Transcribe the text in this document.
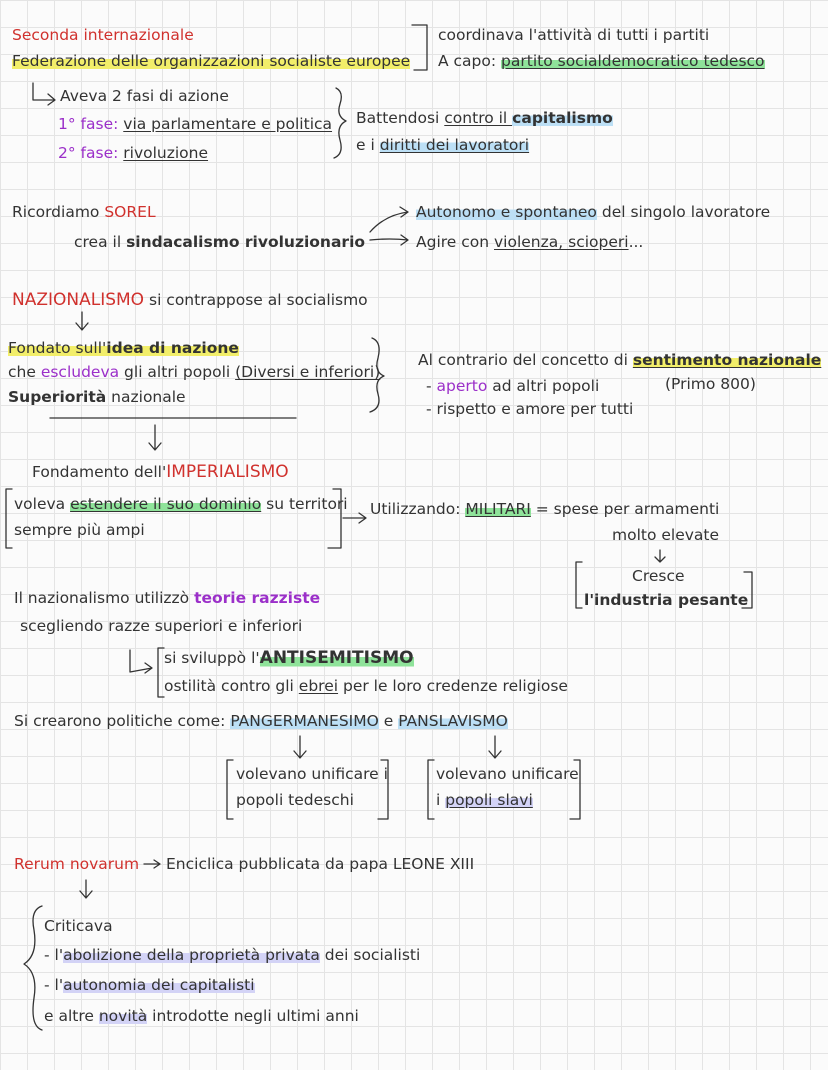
Seconda internazionale
Federazione delle organizzazioni socialiste europee
coordinava l'attività di tutti i partiti
A capo: partito socialdemocratico tedesco
Aveva 2 fasi di azione
1° fase: via parlamentare e politica
2° fase: rivoluzione
Battendosi contro il capitalismo
e i diritti dei lavoratori
Ricordiamo SOREL
crea il sindacalismo rivoluzionario
Autonomo e spontaneo del singolo lavoratore
Agire con violenza, scioperi...
NAZIONALISMO si contrappose al socialismo
Fondato sull'idea di nazione
che escludeva gli altri popoli (Diversi e inferiori)
Superiorità nazionale
Al contrario del concetto di sentimento nazionale
- aperto ad altri popoli	(Primo 800)
- rispetto e amore per tutti
Fondamento dell'IMPERIALISMO
voleva estendere il suo dominio su territori
sempre più ampi
Utilizzando: MILITARI = spese per armamenti
molto elevate
Cresce
l'industria pesante
Il nazionalismo utilizzò teorie razziste
scegliendo razze superiori e inferiori
si sviluppò l'ANTISEMITISMO
ostilità contro gli ebrei per le loro credenze religiose
Si crearono politiche come: PANGERMANESIMO e PANSLAVISMO
volevano unificare i
popoli tedeschi
volevano unificare
i popoli slavi
Rerum novarum Enciclica pubblicata da papa LEONE XIII
Criticava
- l'abolizione della proprietà privata dei socialisti
- l'autonomia dei capitalisti
e altre novità introdotte negli ultimi anni
